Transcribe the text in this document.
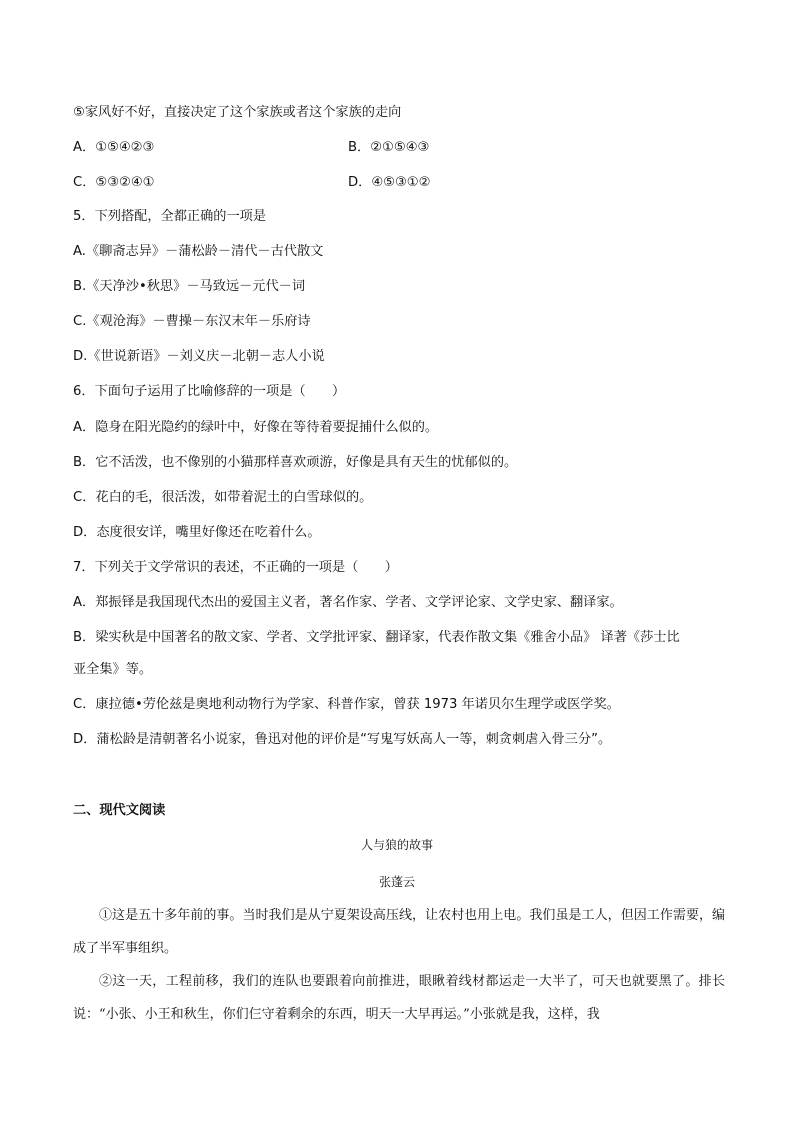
⑤家风好不好，直接决定了这个家族或者这个家族的走向
A．①⑤④②③	B．②①⑤④③
C．⑤③②④①	D．④⑤③①②
5．下列搭配，全都正确的一项是
A.《聊斋志异》－蒲松龄－清代－古代散文
B.《天净沙•秋思》－马致远－元代－词
C.《观沧海》－曹操－东汉末年－乐府诗
D.《世说新语》－刘义庆－北朝－志人小说
6．下面句子运用了比喻修辞的一项是（　　）
A．隐身在阳光隐约的绿叶中，好像在等待着要捉捕什么似的。
B．它不活泼，也不像别的小猫那样喜欢顽游，好像是具有天生的忧郁似的。
C．花白的毛，很活泼，如带着泥土的白雪球似的。
D．态度很安详，嘴里好像还在吃着什么。
7．下列关于文学常识的表述，不正确的一项是（　　）
A．郑振铎是我国现代杰出的爱国主义者，著名作家、学者、文学评论家、文学史家、翻译家。
B．梁实秋是中国著名的散文家、学者、文学批评家、翻译家，代表作散文集《雅舍小品》 译著《莎士比
亚全集》等。
C．康拉德•劳伦兹是奥地利动物行为学家、科普作家，曾获 1973 年诺贝尔生理学或医学奖。
D．蒲松龄是清朝著名小说家，鲁迅对他的评价是“写鬼写妖高人一等，刺贪刺虐入骨三分”。
二、现代文阅读
人与狼的故事
张蓬云
①这是五十多年前的事。当时我们是从宁夏架设高压线，让农村也用上电。我们虽是工人，但因工作需要，编成了半军事组织。
②这一天，工程前移，我们的连队也要跟着向前推进，眼瞅着线材都运走一大半了，可天也就要黑了。排长说：“小张、小王和秋生，你们仨守着剩余的东西，明天一大早再运。”小张就是我，这样，我
